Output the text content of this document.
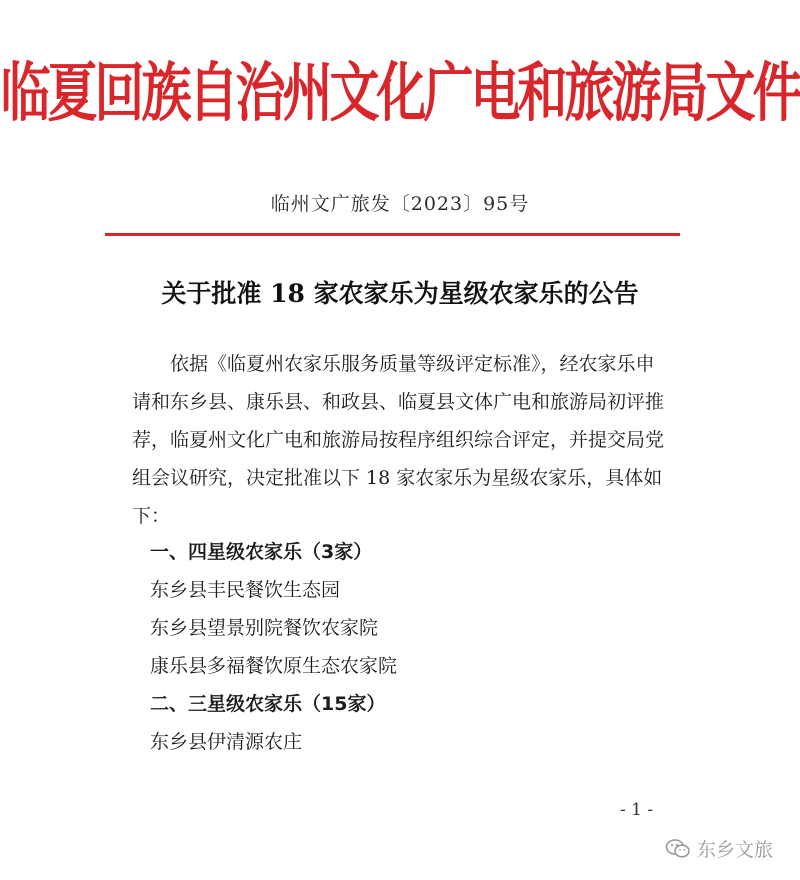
临夏回族自治州文化广电和旅游局文件
临州文广旅发〔2023〕95号
关于批准 18 家农家乐为星级农家乐的公告
依据《临夏州农家乐服务质量等级评定标准》，经农家乐申
请和东乡县、康乐县、和政县、临夏县文体广电和旅游局初评推
荐，临夏州文化广电和旅游局按程序组织综合评定，并提交局党
组会议研究，决定批准以下 18 家农家乐为星级农家乐，具体如
下：
一、四星级农家乐（3家）
东乡县丰民餐饮生态园
东乡县望景别院餐饮农家院
康乐县多福餐饮原生态农家院
二、三星级农家乐（15家）
东乡县伊清源农庄
- 1 -
东乡文旅
